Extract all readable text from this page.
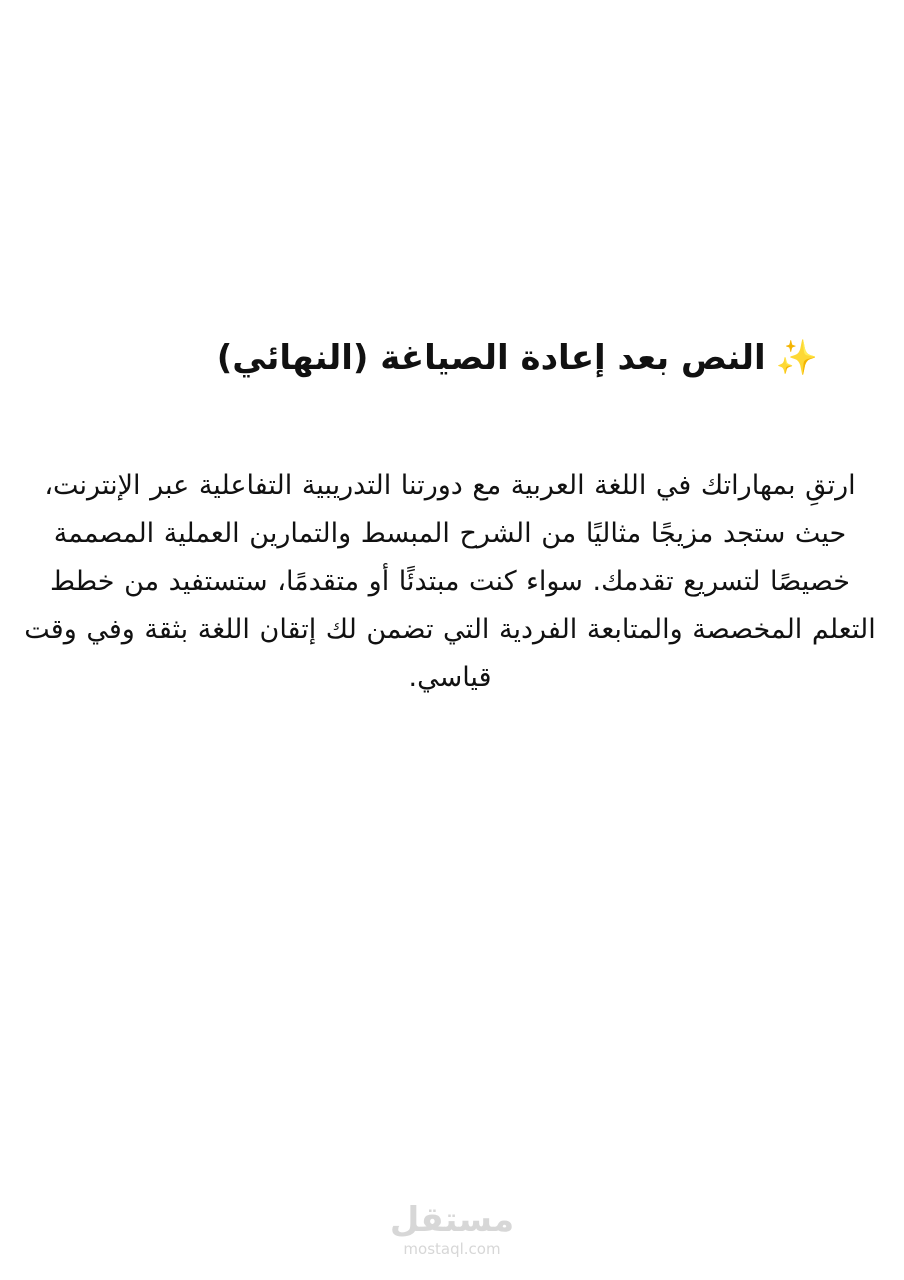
✨النص بعد إعادة الصياغة (النهائي)

ارتقِ بمهاراتك في اللغة العربية مع دورتنا التدريبية التفاعلية عبر الإنترنت، حيث ستجد مزيجًا مثاليًا من الشرح المبسط والتمارين العملية المصممة خصيصًا لتسريع تقدمك. سواء كنت مبتدئًا أو متقدمًا، ستستفيد من خطط التعلم المخصصة والمتابعة الفردية التي تضمن لك إتقان اللغة بثقة وفي وقت قياسي.

مستقل
mostaql.com
